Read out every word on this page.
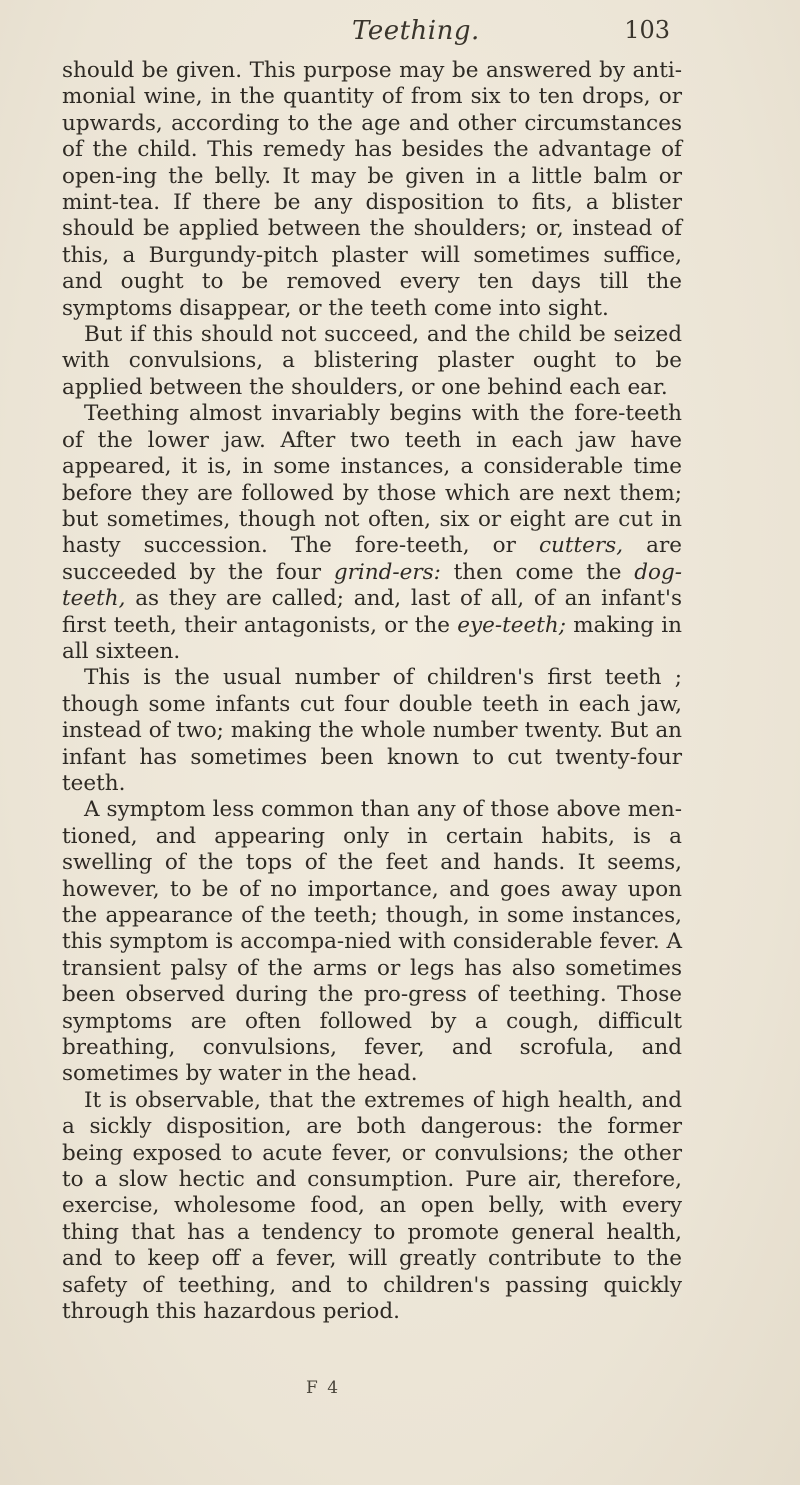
Teething.	103

should be given. This purpose may be answered by anti-monial wine, in the quantity of from six to ten drops, or upwards, according to the age and other circumstances of the child. This remedy has besides the advantage of open-ing the belly. It may be given in a little balm or mint-tea. If there be any disposition to fits, a blister should be applied between the shoulders; or, instead of this, a Burgundy-pitch plaster will sometimes suffice, and ought to be removed every ten days till the symptoms disappear, or the teeth come into sight.

But if this should not succeed, and the child be seized with convulsions, a blistering plaster ought to be applied between the shoulders, or one behind each ear.

Teething almost invariably begins with the fore-teeth of the lower jaw. After two teeth in each jaw have appeared, it is, in some instances, a considerable time before they are followed by those which are next them; but sometimes, though not often, six or eight are cut in hasty succession. The fore-teeth, or cutters, are succeeded by the four grind-ers: then come the dog-teeth, as they are called; and, last of all, of an infant's first teeth, their antagonists, or the eye-teeth; making in all sixteen.

This is the usual number of children's first teeth ; though some infants cut four double teeth in each jaw, instead of two; making the whole number twenty. But an infant has sometimes been known to cut twenty-four teeth.

A symptom less common than any of those above men-tioned, and appearing only in certain habits, is a swelling of the tops of the feet and hands. It seems, however, to be of no importance, and goes away upon the appearance of the teeth; though, in some instances, this symptom is accompa-nied with considerable fever. A transient palsy of the arms or legs has also sometimes been observed during the pro-gress of teething. Those symptoms are often followed by a cough, difficult breathing, convulsions, fever, and scrofula, and sometimes by water in the head.

It is observable, that the extremes of high health, and a sickly disposition, are both dangerous: the former being exposed to acute fever, or convulsions; the other to a slow hectic and consumption. Pure air, therefore, exercise, wholesome food, an open belly, with every thing that has a tendency to promote general health, and to keep off a fever, will greatly contribute to the safety of teething, and to children's passing quickly through this hazardous period.

F 4
